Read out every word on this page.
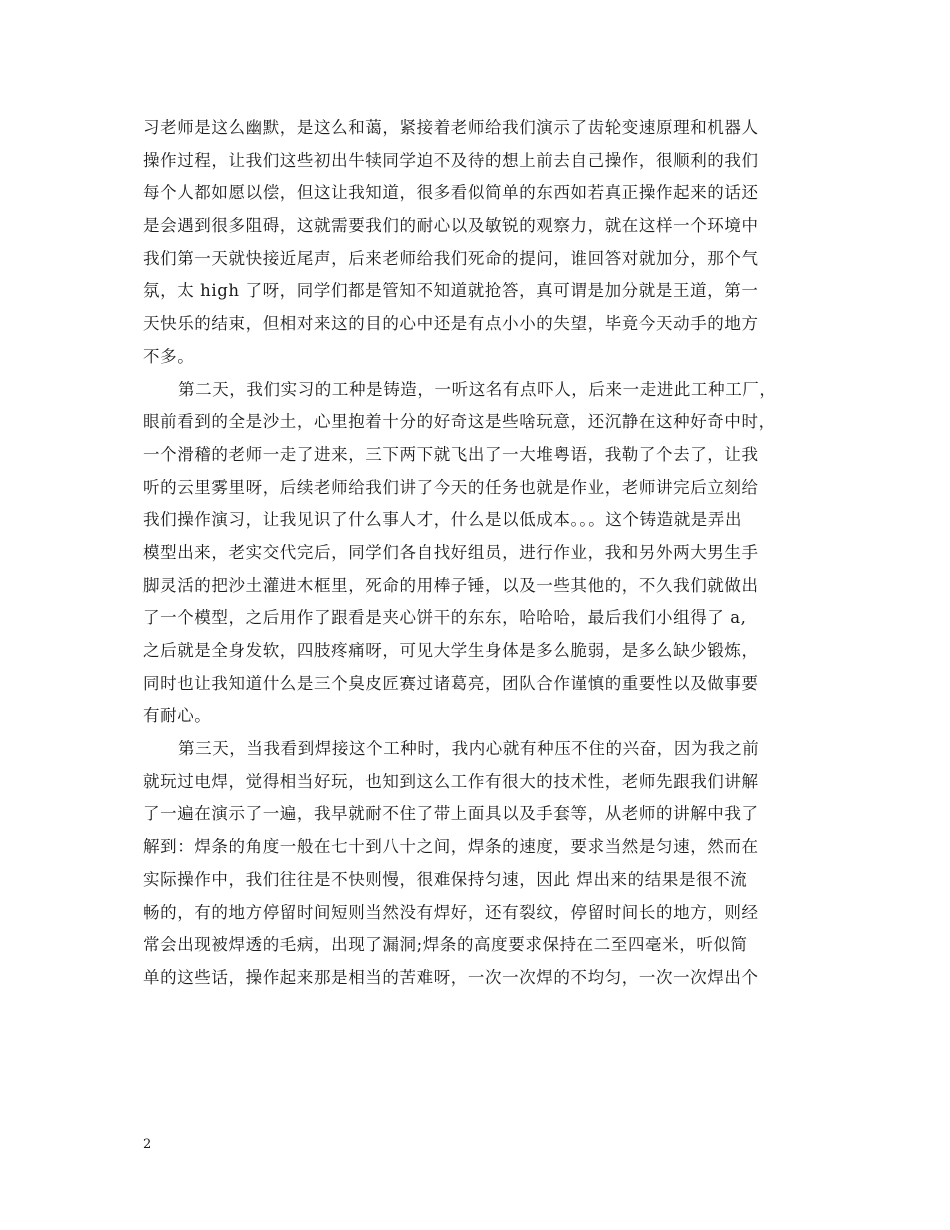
习老师是这么幽默，是这么和蔼，紧接着老师给我们演示了齿轮变速原理和机器人
操作过程，让我们这些初出牛犊同学迫不及待的想上前去自己操作，很顺利的我们
每个人都如愿以偿，但这让我知道，很多看似简单的东西如若真正操作起来的话还
是会遇到很多阻碍，这就需要我们的耐心以及敏锐的观察力，就在这样一个环境中
我们第一天就快接近尾声，后来老师给我们死命的提问，谁回答对就加分，那个气
氛，太 high 了呀，同学们都是管知不知道就抢答，真可谓是加分就是王道，第一
天快乐的结束，但相对来这的目的心中还是有点小小的失望，毕竟今天动手的地方
不多。
第二天，我们实习的工种是铸造，一听这名有点吓人，后来一走进此工种工厂，
眼前看到的全是沙土，心里抱着十分的好奇这是些啥玩意，还沉静在这种好奇中时，
一个滑稽的老师一走了进来，三下两下就飞出了一大堆粤语，我勒了个去了，让我
听的云里雾里呀，后续老师给我们讲了今天的任务也就是作业，老师讲完后立刻给
我们操作演习，让我见识了什么事人才，什么是以低成本。。。这个铸造就是弄出
模型出来，老实交代完后，同学们各自找好组员，进行作业，我和另外两大男生手
脚灵活的把沙土灌进木框里，死命的用棒子锤，以及一些其他的，不久我们就做出
了一个模型，之后用作了跟看是夹心饼干的东东，哈哈哈，最后我们小组得了 a,
之后就是全身发软，四肢疼痛呀，可见大学生身体是多么脆弱，是多么缺少锻炼，
同时也让我知道什么是三个臭皮匠赛过诸葛亮，团队合作谨慎的重要性以及做事要
有耐心。
第三天，当我看到焊接这个工种时，我内心就有种压不住的兴奋，因为我之前
就玩过电焊，觉得相当好玩，也知到这么工作有很大的技术性，老师先跟我们讲解
了一遍在演示了一遍，我早就耐不住了带上面具以及手套等，从老师的讲解中我了
解到：焊条的角度一般在七十到八十之间，焊条的速度，要求当然是匀速，然而在
实际操作中，我们往往是不快则慢，很难保持匀速，因此 焊出来的结果是很不流
畅的，有的地方停留时间短则当然没有焊好，还有裂纹，停留时间长的地方，则经
常会出现被焊透的毛病，出现了漏洞;焊条的高度要求保持在二至四毫米，听似简
单的这些话，操作起来那是相当的苦难呀，一次一次焊的不均匀，一次一次焊出个
2
